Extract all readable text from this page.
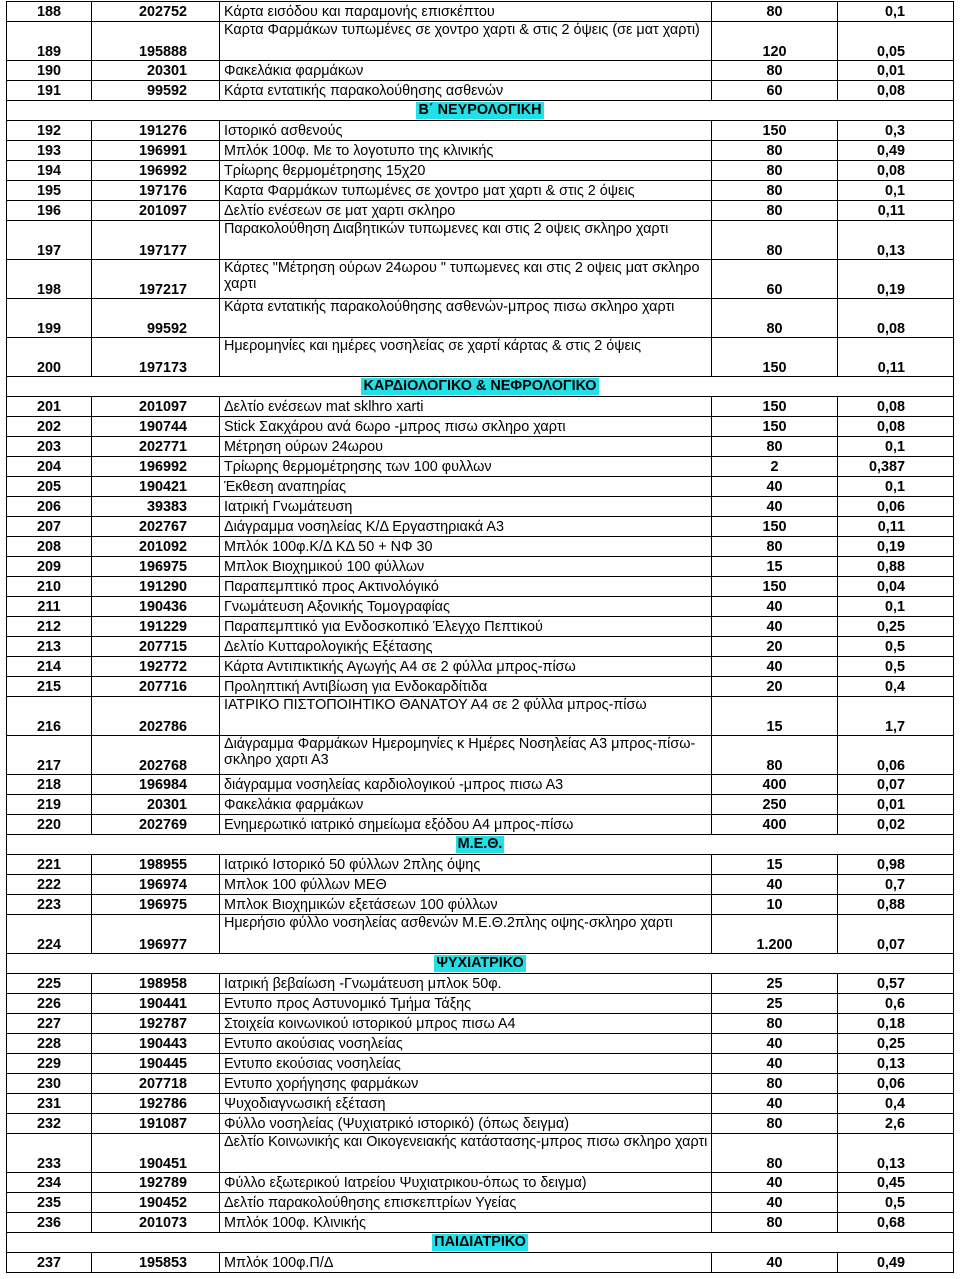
188	202752	Κάρτα εισόδου και παραμονής επισκέπτου	80	0,1
189	195888	Καρτα Φαρμάκων τυπωμένες σε χοντρο χαρτι & στις 2 όψεις (σε ματ χαρτι)	120	0,05
190	20301	Φακελάκια φαρμάκων	80	0,01
191	99592	Κάρτα εντατικής παρακολούθησης ασθενών	60	0,08
Β΄ ΝΕΥΡΟΛΟΓΙΚΗ				
192	191276	Ιστορικό ασθενούς	150	0,3
193	196991	Μπλόκ 100φ. Με το λογοτυπο της κλινικής	80	0,49
194	196992	Τρίωρης θερμομέτρησης 15χ20	80	0,08
195	197176	Καρτα Φαρμάκων τυπωμένες σε χοντρο ματ χαρτι & στις 2 όψεις	80	0,1
196	201097	Δελτίο ενέσεων σε ματ χαρτι σκληρο	80	0,11
197	197177	Παρακολούθηση Διαβητικών τυπωμενες και στις 2 οψεις σκληρο χαρτι	80	0,13
198	197217	Κάρτες "Μέτρηση ούρων 24ωρου " τυπωμενες και στις 2 οψεις ματ σκληρο χαρτι	60	0,19
199	99592	Κάρτα εντατικής παρακολούθησης ασθενών-μπρος πισω σκληρο χαρτι	80	0,08
200	197173	Ημερομηνίες και ημέρες νοσηλείας σε χαρτί κάρτας & στις 2 όψεις	150	0,11
ΚΑΡΔΙΟΛΟΓΙΚΟ & ΝΕΦΡΟΛΟΓΙΚΟ				
201	201097	Δελτίο ενέσεων mat sklhro xarti	150	0,08
202	190744	Stick Σακχάρου ανά 6ωρο -μπρος πισω σκληρο χαρτι	150	0,08
203	202771	Μέτρηση ούρων 24ωρου	80	0,1
204	196992	Τρίωρης θερμομέτρησης των 100 φυλλων	2	0,387
205	190421	Έκθεση αναπηρίας	40	0,1
206	39383	Ιατρική Γνωμάτευση	40	0,06
207	202767	Διάγραμμα νοσηλείας Κ/Δ Εργαστηριακά Α3	150	0,11
208	201092	Μπλόκ 100φ.Κ/Δ ΚΔ 50 + ΝΦ 30	80	0,19
209	196975	Μπλοκ Βιοχημικού 100 φύλλων	15	0,88
210	191290	Παραπεμπτικό προς Ακτινολόγικό	150	0,04
211	190436	Γνωμάτευση Αξονικής Τομογραφίας	40	0,1
212	191229	Παραπεμπτικό για Ενδοσκοπικό Έλεγχο Πεπτικού	40	0,25
213	207715	Δελτίο Κυτταρολογικής Εξέτασης	20	0,5
214	192772	Κάρτα Αντιπικτικής Αγωγής Α4 σε 2 φύλλα μπρος-πίσω	40	0,5
215	207716	Προληπτική Αντιβίωση για Ενδοκαρδίτιδα	20	0,4
216	202786	ΙΑΤΡΙΚΟ ΠΙΣΤΟΠΟΙΗΤΙΚΟ ΘΑΝΑΤΟΥ Α4 σε 2 φύλλα μπρος-πίσω	15	1,7
217	202768	Διάγραμμα Φαρμάκων Ημερομηνίες κ Ημέρες Νοσηλείας Α3 μπρος-πίσω- σκληρο χαρτι Α3	80	0,06
218	196984	διάγραμμα νοσηλείας καρδιολογικού -μπρος πισω Α3	400	0,07
219	20301	Φακελάκια φαρμάκων	250	0,01
220	202769	Ενημερωτικό ιατρικό σημείωμα εξόδου Α4 μπρος-πίσω	400	0,02
Μ.Ε.Θ.				
221	198955	Ιατρικό Ιστορικό 50 φύλλων 2πλης όψης	15	0,98
222	196974	Μπλοκ 100 φύλλων ΜΕΘ	40	0,7
223	196975	Μπλοκ Βιοχημικών εξετάσεων 100 φύλλων	10	0,88
224	196977	Ημερήσιο φύλλο νοσηλείας ασθενών Μ.Ε.Θ.2πλης οψης-σκληρο χαρτι	1.200	0,07
ΨΥΧΙΑΤΡΙΚΟ				
225	198958	Ιατρική βεβαίωση -Γνωμάτευση μπλοκ 50φ.	25	0,57
226	190441	Εντυπο προς Αστυνομικό Τμήμα Τάξης	25	0,6
227	192787	Στοιχεία κοινωνικού ιστορικού μπρος πισω Α4	80	0,18
228	190443	Εντυπο ακούσιας νοσηλείας	40	0,25
229	190445	Εντυπο εκούσιας νοσηλείας	40	0,13
230	207718	Εντυπο χορήγησης φαρμάκων	80	0,06
231	192786	Ψυχοδιαγνωσική εξέταση	40	0,4
232	191087	Φύλλο νοσηλείας (Ψυχιατρικό ιστορικό) (όπως δειγμα)	80	2,6
233	190451	Δελτίο Κοινωνικής και Οικογενειακής κατάστασης-μπρος πισω σκληρο χαρτι	80	0,13
234	192789	Φύλλο εξωτερικού Ιατρείου Ψυχιατρικου-όπως το δειγμα)	40	0,45
235	190452	Δελτίο παρακολούθησης επισκεπτρίων Υγείας	40	0,5
236	201073	Μπλόκ 100φ. Κλινικής	80	0,68
ΠΑΙΔΙΑΤΡΙΚΟ				
237	195853	Μπλόκ 100φ.Π/Δ	40	0,49
